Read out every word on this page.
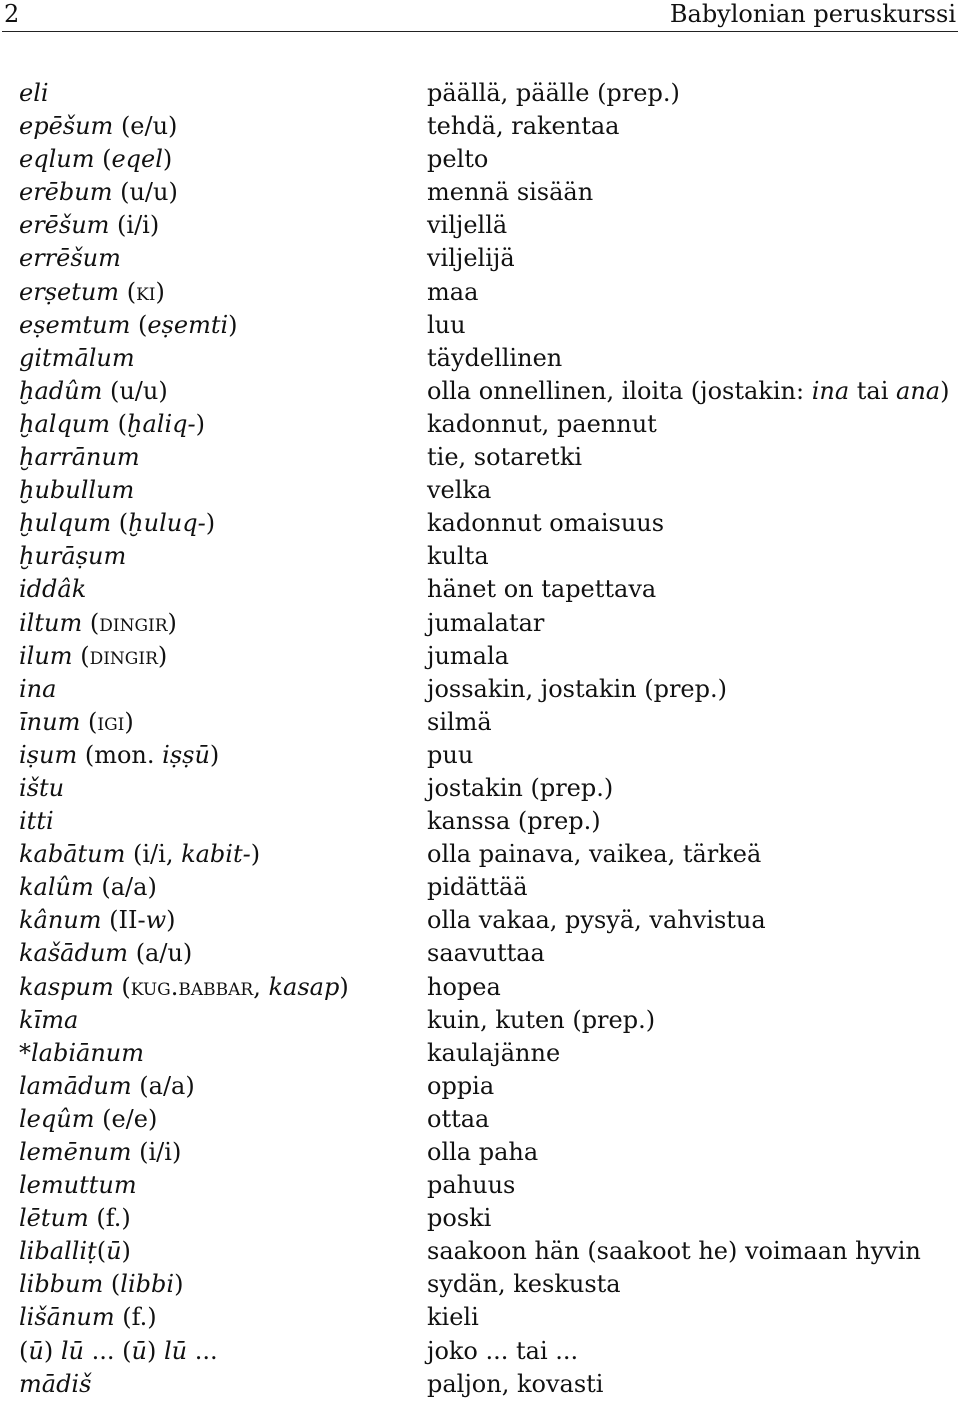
2	Babylonian peruskurssi
eli	päällä, päälle (prep.)
epēšum (e/u)	tehdä, rakentaa
eqlum (eqel)	pelto
erēbum (u/u)	mennä sisään
erēšum (i/i)	viljellä
errēšum	viljelijä
erṣetum (ki)	maa
eṣemtum (eṣemti)	luu
gitmālum	täydellinen
ḫadûm (u/u)	olla onnellinen, iloita (jostakin: ina tai ana)
ḫalqum (ḫaliq-)	kadonnut, paennut
ḫarrānum	tie, sotaretki
ḫubullum	velka
ḫulqum (ḫuluq-)	kadonnut omaisuus
ḫurāṣum	kulta
iddâk	hänet on tapettava
iltum (dingir)	jumalatar
ilum (dingir)	jumala
ina	jossakin, jostakin (prep.)
īnum (igi)	silmä
iṣum (mon. iṣṣū)	puu
ištu	jostakin (prep.)
itti	kanssa (prep.)
kabātum (i/i, kabit-)	olla painava, vaikea, tärkeä
kalûm (a/a)	pidättää
kânum (II-w)	olla vakaa, pysyä, vahvistua
kašādum (a/u)	saavuttaa
kaspum (kug.babbar, kasap)	hopea
kīma	kuin, kuten (prep.)
*labiānum	kaulajänne
lamādum (a/a)	oppia
leqûm (e/e)	ottaa
lemēnum (i/i)	olla paha
lemuttum	pahuus
lētum (f.)	poski
liballiṭ(ū)	saakoon hän (saakoot he) voimaan hyvin
libbum (libbi)	sydän, keskusta
lišānum (f.)	kieli
(ū) lū ... (ū) lū ...	joko ... tai ...
mādiš	paljon, kovasti
